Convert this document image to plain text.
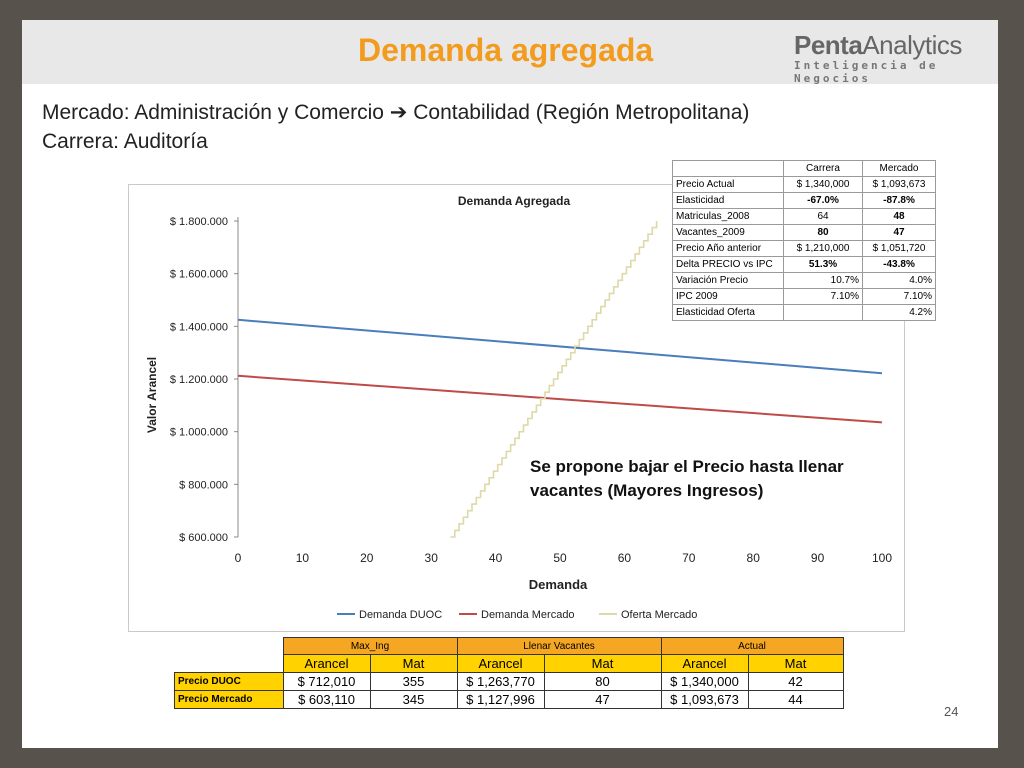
Demanda agregada	PentaAnalytics
Inteligencia de Negocios
Mercado: Administración y Comercio ➔ Contabilidad (Región Metropolitana)
Carrera: Auditoría
Demanda Agregada
$ 600.000
$ 800.000
$ 1.000.000
$ 1.200.000
$ 1.400.000
$ 1.600.000
$ 1.800.000
0	10	20	30	40	50	60	70	80	90	100
Demanda
Valor Arancel
Demanda DUOC	Demanda Mercado	Oferta Mercado
	Carrera	Mercado
Precio Actual	$ 1,340,000	$ 1,093,673
Elasticidad	-67.0%	-87.8%
Matriculas_2008	64	48
Vacantes_2009	80	47
Precio Año anterior	$ 1,210,000	$ 1,051,720
Delta PRECIO vs IPC	51.3%	-43.8%
Variación Precio	10.7%	4.0%
IPC 2009	7.10%	7.10%
Elasticidad Oferta		4.2%
Se propone bajar el Precio hasta llenar
vacantes (Mayores Ingresos)
	Max_Ing		Llenar Vacantes		Actual	
	Arancel	Mat	Arancel	Mat	Arancel	Mat
Precio DUOC	$ 712,010	355	$ 1,263,770	80	$ 1,340,000	42
Precio Mercado	$ 603,110	345	$ 1,127,996	47	$ 1,093,673	44
24
